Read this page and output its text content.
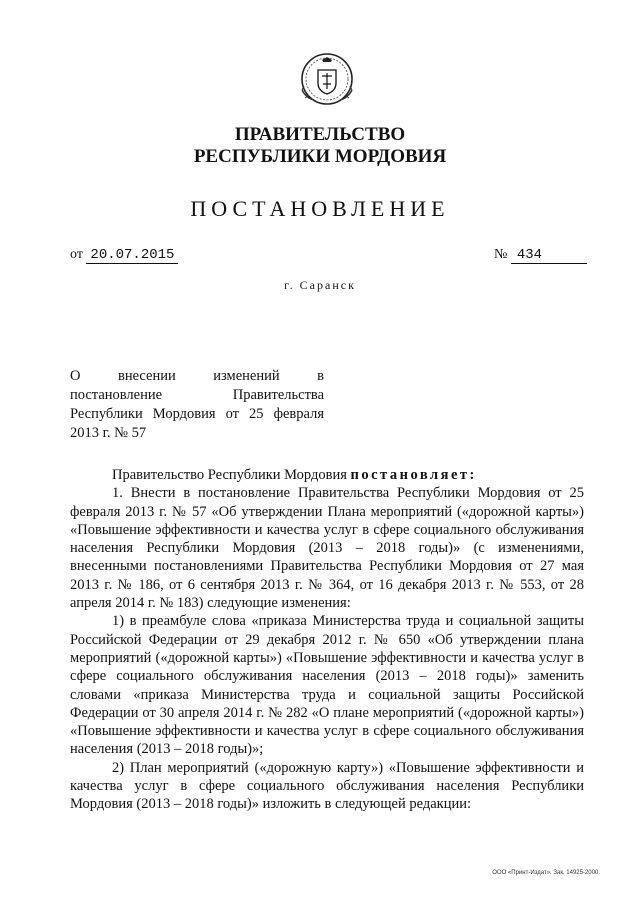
ПРАВИТЕЛЬСТВО
РЕСПУБЛИКИ МОРДОВИЯ
ПОСТАНОВЛЕНИЕ
от 20.07.2015	№ 434
г. Саранск
О внесении изменений в
постановление Правительства
Республики Мордовия от 25 февраля
2013 г. № 57

Правительство Республики Мордовия постановляет:

1. Внести в постановление Правительства Республики Мордовия от 25 февраля 2013 г. № 57 «Об утверждении Плана мероприятий («дорожной карты») «Повышение эффективности и качества услуг в сфере социального обслуживания населения Республики Мордовия (2013 – 2018 годы)» (с изменениями, внесенными постановлениями Правительства Республики Мордовия от 27 мая 2013 г. № 186, от 6 сентября 2013 г. № 364, от 16 декабря 2013 г. № 553, от 28 апреля 2014 г. № 183) следующие изменения:

1) в преамбуле слова «приказа Министерства труда и социальной защиты Российской Федерации от 29 декабря 2012 г. № 650 «Об утверждении плана мероприятий («дорожной карты») «Повышение эффективности и качества услуг в сфере социального обслуживания населения (2013 – 2018 годы)» заменить словами «приказа Министерства труда и социальной защиты Российской Федерации от 30 апреля 2014 г. № 282 «О плане мероприятий («дорожной карты») «Повышение эффективности и качества услуг в сфере социального обслуживания населения (2013 – 2018 годы)»;

2) План мероприятий («дорожную карту») «Повышение эффективности и качества услуг в сфере социального обслуживания населения Республики Мордовия (2013 – 2018 годы)» изложить в следующей редакции:

ООО «Принт-Издат». Зак. 14925-2000.
